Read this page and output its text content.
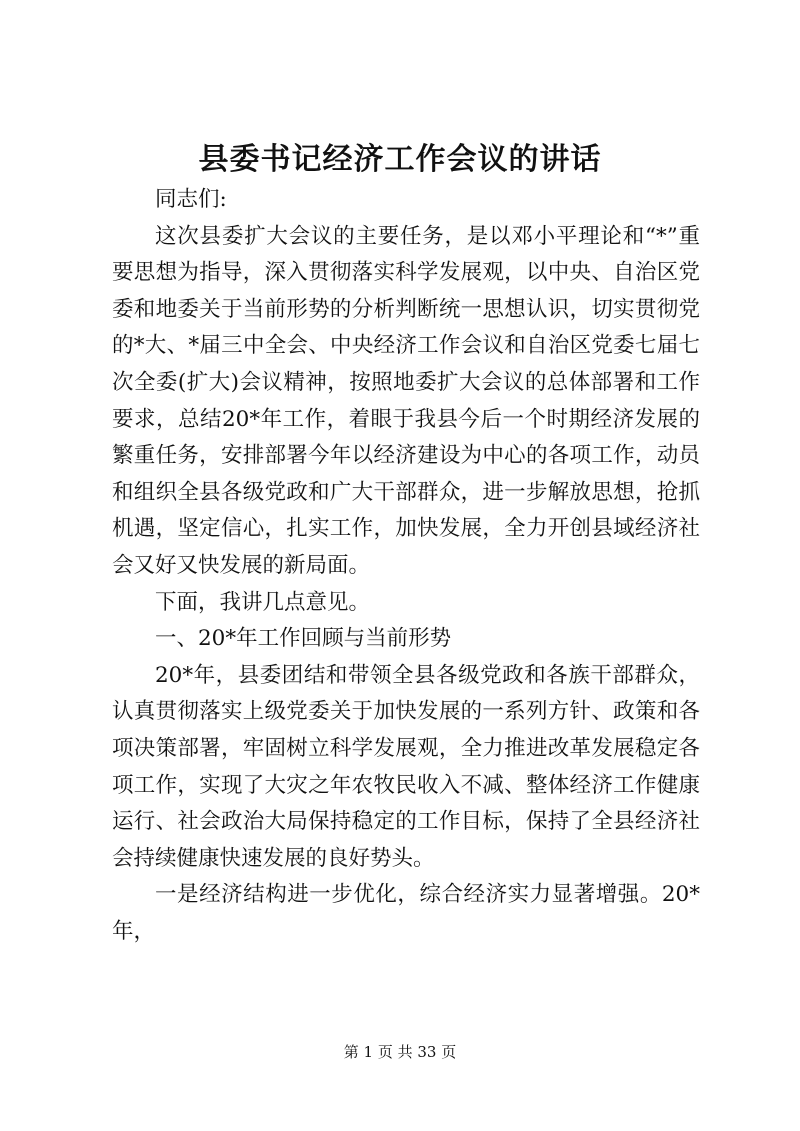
县委书记经济工作会议的讲话

同志们:

这次县委扩大会议的主要任务，是以邓小平理论和“*”重要思想为指导，深入贯彻落实科学发展观，以中央、自治区党委和地委关于当前形势的分析判断统一思想认识，切实贯彻党的*大、*届三中全会、中央经济工作会议和自治区党委七届七次全委(扩大)会议精神，按照地委扩大会议的总体部署和工作要求，总结20*年工作，着眼于我县今后一个时期经济发展的繁重任务，安排部署今年以经济建设为中心的各项工作，动员和组织全县各级党政和广大干部群众，进一步解放思想，抢抓机遇，坚定信心，扎实工作，加快发展，全力开创县域经济社会又好又快发展的新局面。

下面，我讲几点意见。

一、20*年工作回顾与当前形势

20*年，县委团结和带领全县各级党政和各族干部群众，认真贯彻落实上级党委关于加快发展的一系列方针、政策和各项决策部署，牢固树立科学发展观，全力推进改革发展稳定各项工作，实现了大灾之年农牧民收入不减、整体经济工作健康运行、社会政治大局保持稳定的工作目标，保持了全县经济社会持续健康快速发展的良好势头。

一是经济结构进一步优化，综合经济实力显著增强。20*年，

第 1 页 共 33 页
